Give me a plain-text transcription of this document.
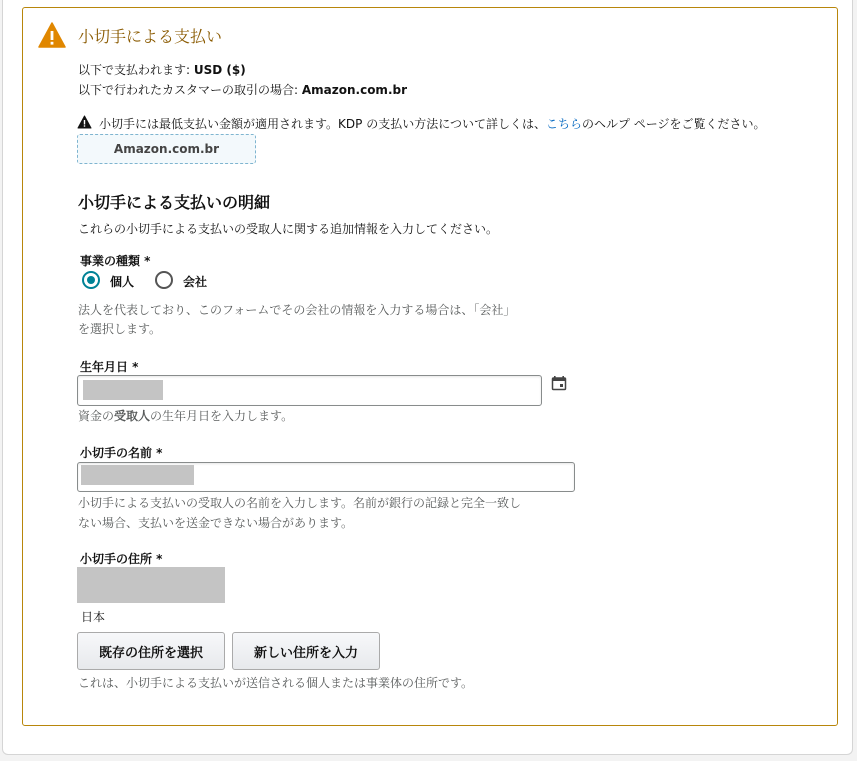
小切手による支払い
以下で支払われます: USD ($)
以下で行われたカスタマーの取引の場合: Amazon.com.br
小切手には最低支払い金額が適用されます。KDP の支払い方法について詳しくは、こちらのヘルプ ページをご覧ください。
Amazon.com.br
小切手による支払いの明細
これらの小切手による支払いの受取人に関する追加情報を入力してください。
事業の種類 *
個人	会社
法人を代表しており、このフォームでその会社の情報を入力する場合は、「会社」
を選択します。
生年月日 *
資金の受取人の生年月日を入力します。
小切手の名前 *
小切手による支払いの受取人の名前を入力します。名前が銀行の記録と完全一致し
ない場合、支払いを送金できない場合があります。
小切手の住所 *
日本
既存の住所を選択	新しい住所を入力
これは、小切手による支払いが送信される個人または事業体の住所です。
